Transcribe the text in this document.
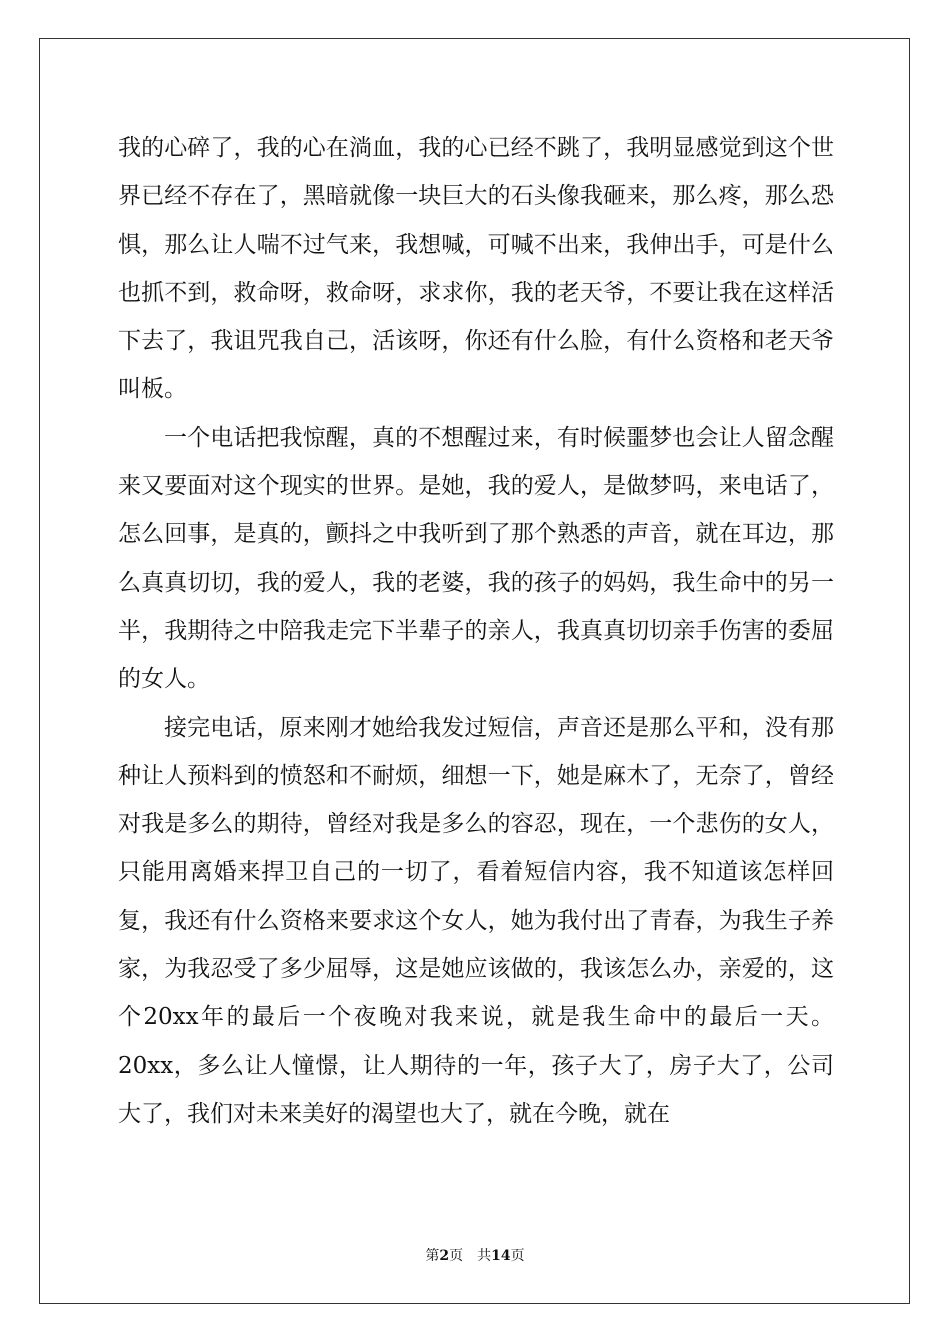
我的心碎了，我的心在淌血，我的心已经不跳了，我明显感觉到这个世界已经不存在了，黑暗就像一块巨大的石头像我砸来，那么疼，那么恐惧，那么让人喘不过气来，我想喊，可喊不出来，我伸出手，可是什么也抓不到，救命呀，救命呀，求求你，我的老天爷，不要让我在这样活下去了，我诅咒我自己，活该呀，你还有什么脸，有什么资格和老天爷叫板。

一个电话把我惊醒，真的不想醒过来，有时候噩梦也会让人留念醒来又要面对这个现实的世界。是她，我的爱人，是做梦吗，来电话了，怎么回事，是真的，颤抖之中我听到了那个熟悉的声音，就在耳边，那么真真切切，我的爱人，我的老婆，我的孩子的妈妈，我生命中的另一半，我期待之中陪我走完下半辈子的亲人，我真真切切亲手伤害的委屈的女人。

接完电话，原来刚才她给我发过短信，声音还是那么平和，没有那种让人预料到的愤怒和不耐烦，细想一下，她是麻木了，无奈了，曾经对我是多么的期待，曾经对我是多么的容忍，现在，一个悲伤的女人，只能用离婚来捍卫自己的一切了，看着短信内容，我不知道该怎样回复，我还有什么资格来要求这个女人，她为我付出了青春，为我生子养家，为我忍受了多少屈辱，这是她应该做的，我该怎么办，亲爱的，这个20xx年的最后一个夜晚对我来说，就是我生命中的最后一天。20xx，多么让人憧憬，让人期待的一年，孩子大了，房子大了，公司大了，我们对未来美好的渴望也大了，就在今晚，就在

第2页 共14页
